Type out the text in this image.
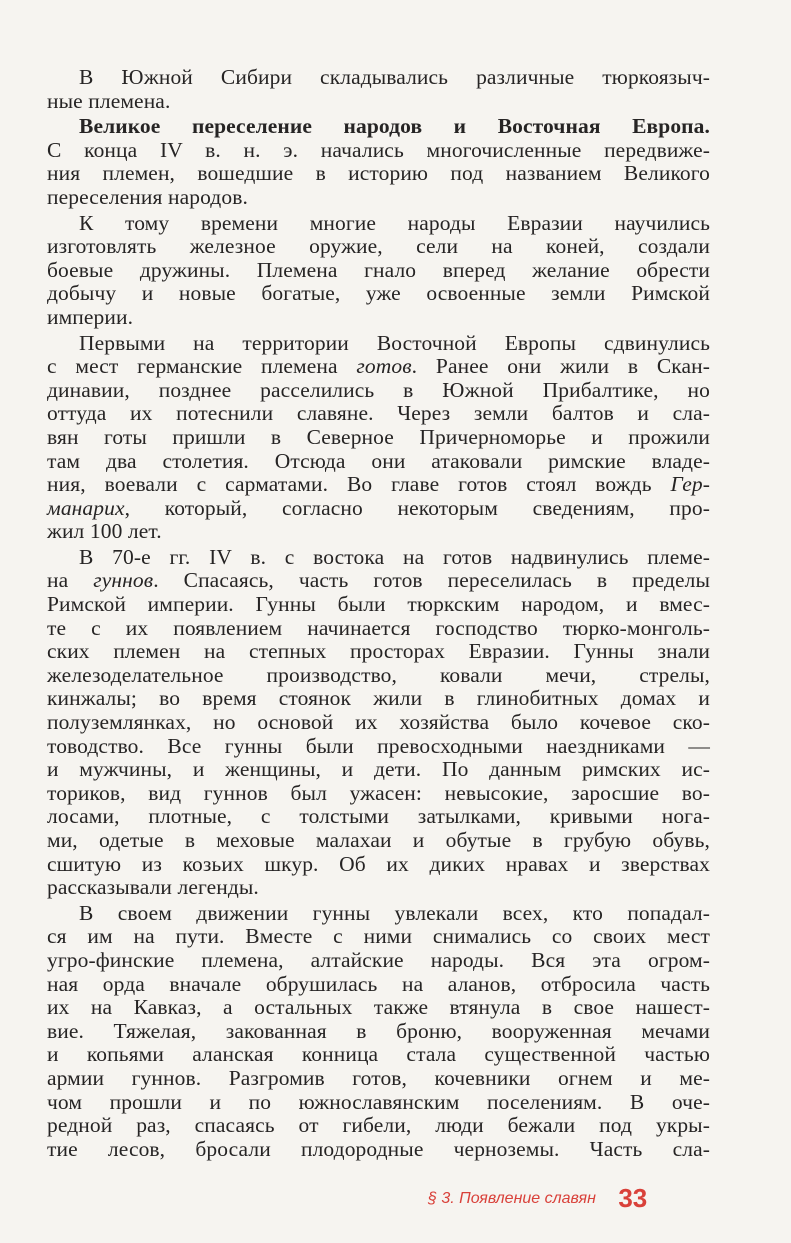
В Южной Сибири складывались различные тюркоязыч-
ные племена.
Великое переселение народов и Восточная Европа.
С конца IV в. н. э. начались многочисленные передвиже-
ния племен, вошедшие в историю под названием Великого
переселения народов.
К тому времени многие народы Евразии научились
изготовлять железное оружие, сели на коней, создали
боевые дружины. Племена гнало вперед желание обрести
добычу и новые богатые, уже освоенные земли Римской
империи.
Первыми на территории Восточной Европы сдвинулись
с мест германские племена готов. Ранее они жили в Скан-
динавии, позднее расселились в Южной Прибалтике, но
оттуда их потеснили славяне. Через земли балтов и сла-
вян готы пришли в Северное Причерноморье и прожили
там два столетия. Отсюда они атаковали римские владе-
ния, воевали с сарматами. Во главе готов стоял вождь Гер-
манарих, который, согласно некоторым сведениям, про-
жил 100 лет.
В 70-е гг. IV в. с востока на готов надвинулись племе-
на гуннов. Спасаясь, часть готов переселилась в пределы
Римской империи. Гунны были тюркским народом, и вмес-
те с их появлением начинается господство тюрко-монголь-
ских племен на степных просторах Евразии. Гунны знали
железоделательное производство, ковали мечи, стрелы,
кинжалы; во время стоянок жили в глинобитных домах и
полуземлянках, но основой их хозяйства было кочевое ско-
товодство. Все гунны были превосходными наездниками —
и мужчины, и женщины, и дети. По данным римских ис-
ториков, вид гуннов был ужасен: невысокие, заросшие во-
лосами, плотные, с толстыми затылками, кривыми нога-
ми, одетые в меховые малахаи и обутые в грубую обувь,
сшитую из козьих шкур. Об их диких нравах и зверствах
рассказывали легенды.
В своем движении гунны увлекали всех, кто попадал-
ся им на пути. Вместе с ними снимались со своих мест
угро-финские племена, алтайские народы. Вся эта огром-
ная орда вначале обрушилась на аланов, отбросила часть
их на Кавказ, а остальных также втянула в свое нашест-
вие. Тяжелая, закованная в броню, вооруженная мечами
и копьями аланская конница стала существенной частью
армии гуннов. Разгромив готов, кочевники огнем и ме-
чом прошли и по южнославянским поселениям. В оче-
редной раз, спасаясь от гибели, люди бежали под укры-
тие лесов, бросали плодородные черноземы. Часть сла-
§ 3. Появление славян 33
